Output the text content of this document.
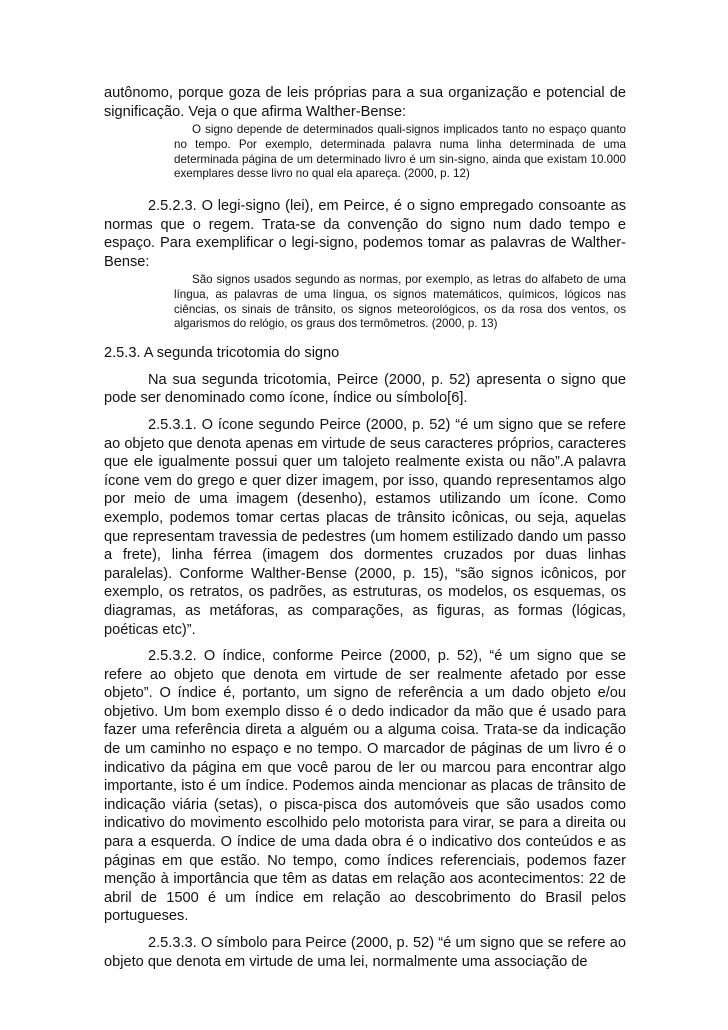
autônomo, porque goza de leis próprias para a sua organização e potencial de significação. Veja o que afirma Walther-Bense:

O signo depende de determinados quali-signos implicados tanto no espaço quanto no tempo. Por exemplo, determinada palavra numa linha determinada de uma determinada página de um determinado livro é um sin-signo, ainda que existam 10.000 exemplares desse livro no qual ela apareça. (2000, p. 12)

2.5.2.3. O legi-signo (lei), em Peirce, é o signo empregado consoante as normas que o regem. Trata-se da convenção do signo num dado tempo e espaço. Para exemplificar o legi-signo, podemos tomar as palavras de Walther-Bense:

São signos usados segundo as normas, por exemplo, as letras do alfabeto de uma língua, as palavras de uma língua, os signos matemáticos, químicos, lógicos nas ciências, os sinais de trânsito, os signos meteorológicos, os da rosa dos ventos, os algarismos do relógio, os graus dos termômetros. (2000, p. 13)

2.5.3. A segunda tricotomia do signo

Na sua segunda tricotomia, Peirce (2000, p. 52) apresenta o signo que pode ser denominado como ícone, índice ou símbolo[6].

2.5.3.1. O ícone segundo Peirce (2000, p. 52) “é um signo que se refere ao objeto que denota apenas em virtude de seus caracteres próprios, caracteres que ele igualmente possui quer um talojeto realmente exista ou não”.A palavra ícone vem do grego e quer dizer imagem, por isso, quando representamos algo por meio de uma imagem (desenho), estamos utilizando um ícone. Como exemplo, podemos tomar certas placas de trânsito icônicas, ou seja, aquelas que representam travessia de pedestres (um homem estilizado dando um passo a frete), linha férrea (imagem dos dormentes cruzados por duas linhas paralelas). Conforme Walther-Bense (2000, p. 15), “são signos icônicos, por exemplo, os retratos, os padrões, as estruturas, os modelos, os esquemas, os diagramas, as metáforas, as comparações, as figuras, as formas (lógicas, poéticas etc)”.

2.5.3.2. O índice, conforme Peirce (2000, p. 52), “é um signo que se refere ao objeto que denota em virtude de ser realmente afetado por esse objeto”. O índice é, portanto, um signo de referência a um dado objeto e/ou objetivo. Um bom exemplo disso é o dedo indicador da mão que é usado para fazer uma referência direta a alguém ou a alguma coisa. Trata-se da indicação de um caminho no espaço e no tempo. O marcador de páginas de um livro é o indicativo da página em que você parou de ler ou marcou para encontrar algo importante, isto é um índice. Podemos ainda mencionar as placas de trânsito de indicação viária (setas), o pisca-pisca dos automóveis que são usados como indicativo do movimento escolhido pelo motorista para virar, se para a direita ou para a esquerda. O índice de uma dada obra é o indicativo dos conteúdos e as páginas em que estão. No tempo, como índices referenciais, podemos fazer menção à importância que têm as datas em relação aos acontecimentos: 22 de abril de 1500 é um índice em relação ao descobrimento do Brasil pelos portugueses.

2.5.3.3. O símbolo para Peirce (2000, p. 52) “é um signo que se refere ao objeto que denota em virtude de uma lei, normalmente uma associação de
